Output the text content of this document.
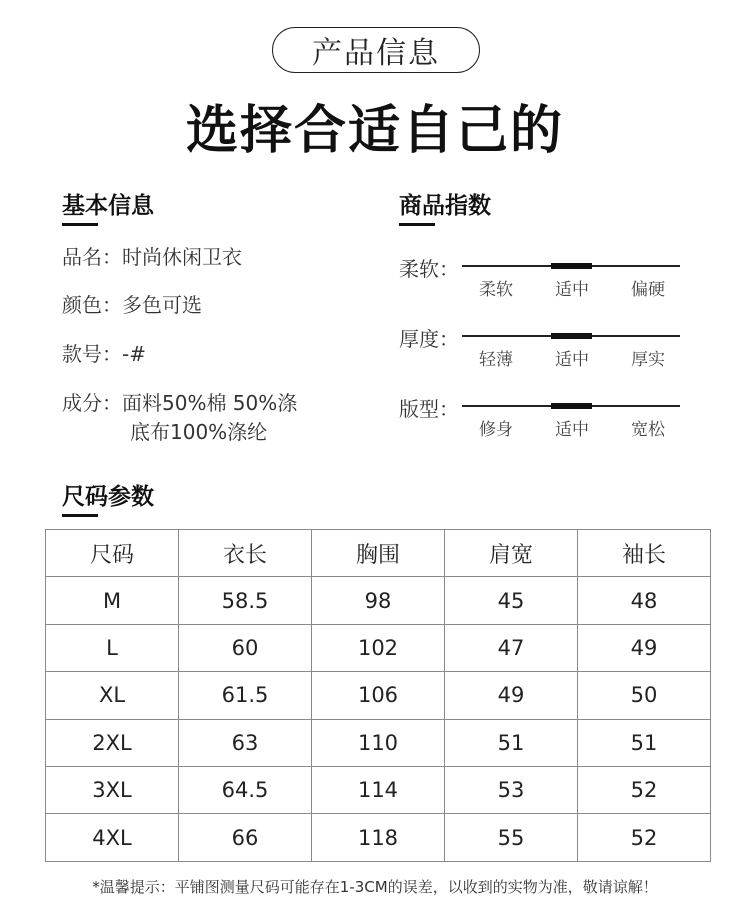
产品信息
选择合适自己的
基本信息
品名：时尚休闲卫衣
颜色：多色可选
款号：-#
成分：面料50%棉 50%涤
底布100%涤纶
商品指数
柔软：
柔软	适中	偏硬
厚度：
轻薄	适中	厚实
版型：
修身	适中	宽松
尺码参数
尺码	衣长	胸围	肩宽	袖长
M	58.5	98	45	48
L	60	102	47	49
XL	61.5	106	49	50
2XL	63	110	51	51
3XL	64.5	114	53	52
4XL	66	118	55	52
*温馨提示：平铺图测量尺码可能存在1-3CM的误差，以收到的实物为准，敬请谅解！
